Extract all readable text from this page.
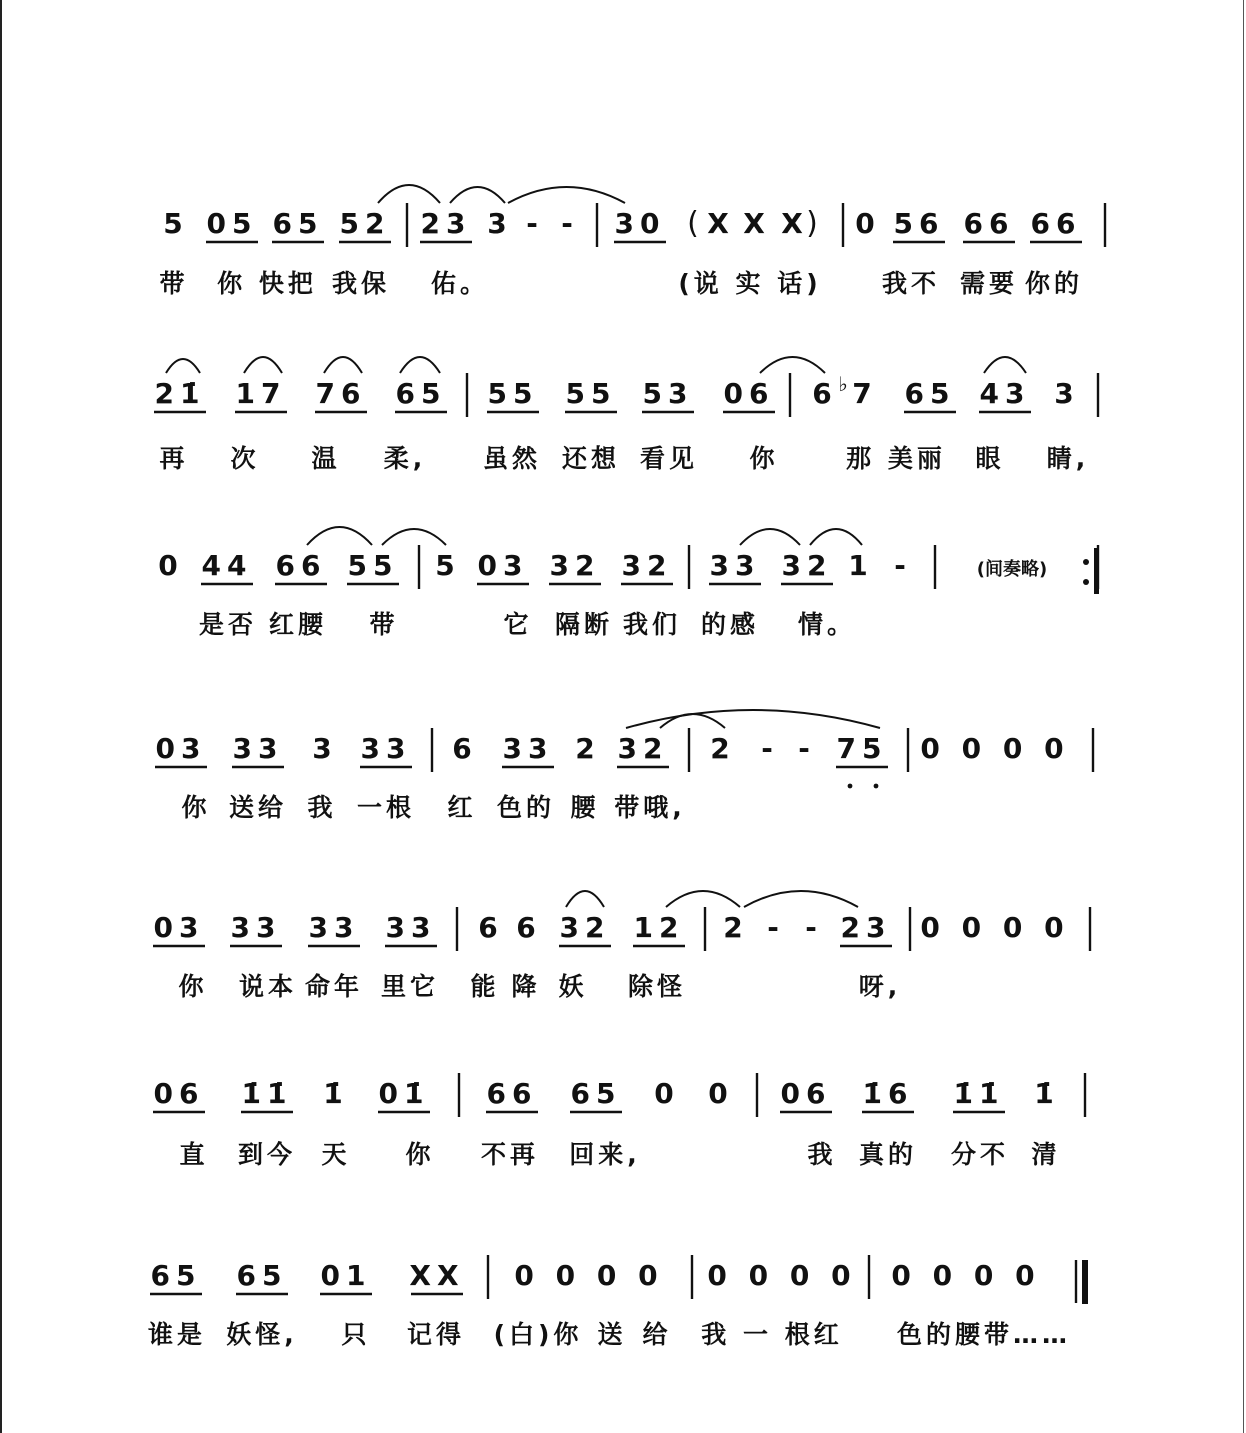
5 05 65 52 23 3 - - 30 ( X X X ) 0 56 66 66
21̇ 17 76 65 55 55 53 06 6 ♭ 7 65 43 3
0 44 66 55 5 03 32 32 33 32 1 -	(间奏略)
03 33 3 33 6 33 2 32 2 - - 75 0 0 0 0
03 33 33 33 6 6 32 12 2 - - 23 0 0 0 0
06 1̇1̇ 1̇ 01̇ 66 65 0 0 06 1̇6 1̇1̇ 1̇
65 65 01 XX 0 0 0 0 0 0 0 0 0 0 0 0
带 你 快把 我保 佑。	(说 实 话) 我不 需要 你的
再 次 温 柔, 虽然 还想 看见 你	那 美丽 眼 睛,
是否 红腰 带	它 隔断 我们 的感 情。
你 送给 我 一根 红 色的 腰 带哦,
你 说本 命年 里它 能 降 妖 除怪	呀,
直 到今 天 你 不再 回来,	我 真的 分不 清
谁是 妖怪, 只 记得 (白)你 送 给 我 一 根红 色的腰带……
